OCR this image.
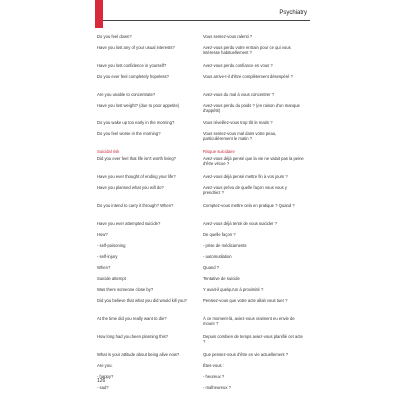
Psychiatry
Do you feel down?	Vous sentez-vous ralenti ?
Have you lost any of your usual interests?	Avez-vous perdu votre entrain pour ce qui vous intéresse habituellement ?
Have you lost confidence in yourself?	Avez-vous perdu confiance en vous ?
Do you ever feel completely hopeless?	Vous arrive-t-il d'être complètement désespéré ?
Are you unable to concentrate?	Avez-vous du mal à vous concentrer ?
Have you lost weight? (due to poor appetite)	Avez-vous perdu du poids ? (en raison d'un manque d'appétit)
Do you wake up too early in the morning?	Vous réveillez-vous trop tôt le matin ?
Do you feel worse in the morning?	Vous sentez-vous mal dans votre peau, particulièrement le matin ?
Suicidal risk	Risque suicidaire
Did you ever feel that life isn't worth living?	Avez-vous déjà pensé que la vie ne valait pas la peine d'être vécue ?
Have you ever thought of ending your life?	Avez-vous déjà pensé mettre fin à vos jours ?
Have you planned what you will do?	Avez-vous prévu de quelle façon vous vous y prendriez ?
Do you intend to carry it through? When?	Comptez-vous mettre cela en pratique ? Quand ?
Have you ever attempted suicide?	Avez-vous déjà tenté de vous suicider ?
How?	De quelle façon ?
- self-poisoning	- prise de médicaments
- self-injury	- automutilation
When?	Quand ?
Suicide attempt	Tentative de suicide
Was there someone close by?	Y avait-il quelqu'un à proximité ?
Did you believe that what you did would kill you?	Pensiez-vous que votre acte allait vous tuer ?
At the time did you really want to die?	À ce moment-là, aviez-vous vraiment eu envie de mourir ?
How long had you been planning this?	Depuis combien de temps aviez-vous planifié cet acte ?
What is your attitude about being alive now?	Que pensez-vous d'être en vie actuellement ?
Are you:	Êtes-vous :
- happy?	- heureux ?
- sad?	- malheureux ?
126
